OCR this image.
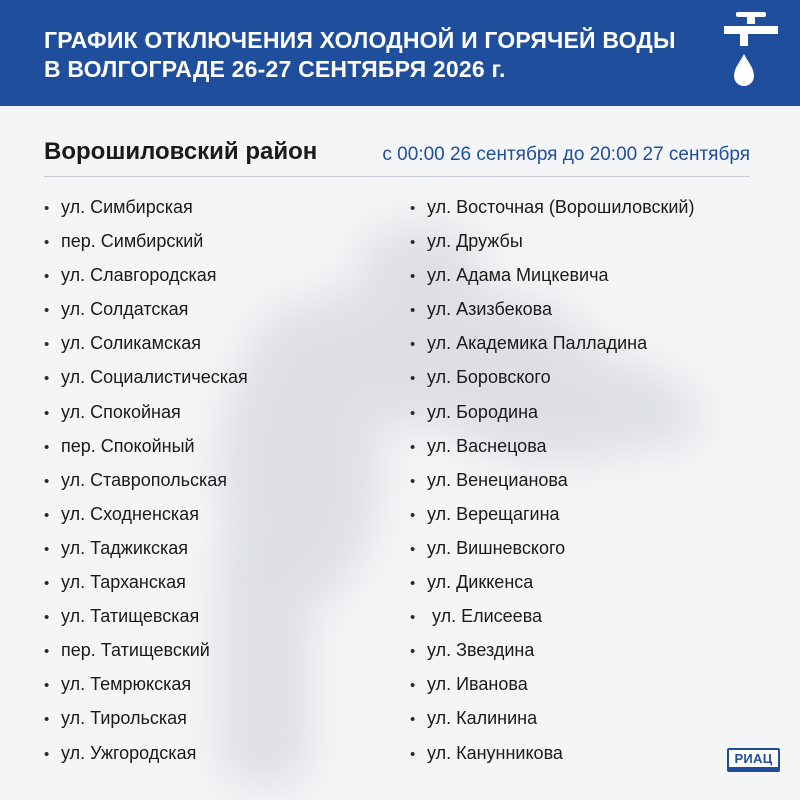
ГРАФИК ОТКЛЮЧЕНИЯ ХОЛОДНОЙ И ГОРЯЧЕЙ ВОДЫ
В ВОЛГОГРАДЕ 26-27 СЕНТЯБРЯ 2026 г.
Ворошиловский район	с 00:00 26 сентября до 20:00 27 сентября
• ул. Симбирская
• пер. Симбирский
• ул. Славгородская
• ул. Солдатская
• ул. Соликамская
• ул. Социалистическая
• ул. Спокойная
• пер. Спокойный
• ул. Ставропольская
• ул. Сходненская
• ул. Таджикская
• ул. Тарханская
• ул. Татищевская
• пер. Татищевский
• ул. Темрюкская
• ул. Тирольская
• ул. Ужгородская
• ул. Восточная (Ворошиловский)
• ул. Дружбы
• ул. Адама Мицкевича
• ул. Азизбекова
• ул. Академика Палладина
• ул. Боровского
• ул. Бородина
• ул. Васнецова
• ул. Венецианова
• ул. Верещагина
• ул. Вишневского
• ул. Диккенса
• ул. Елисеева
• ул. Звездина
• ул. Иванова
• ул. Калинина
• ул. Канунникова	РИАЦ
